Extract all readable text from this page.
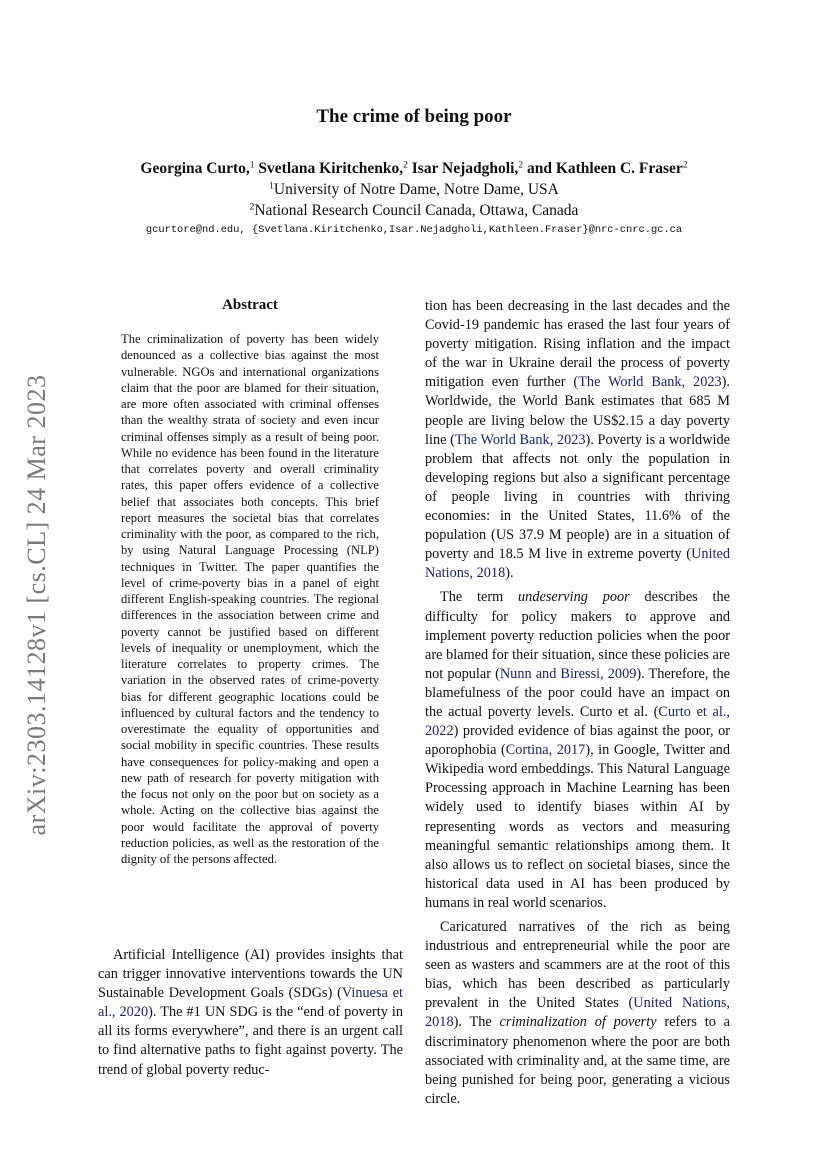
arXiv:2303.14128v1 [cs.CL] 24 Mar 2023
The crime of being poor
Georgina Curto,$^1$ Svetlana Kiritchenko,$^2$ Isar Nejadgholi,$^2$ and Kathleen C. Fraser$^2$
$^1$University of Notre Dame, Notre Dame, USA
$^2$National Research Council Canada, Ottawa, Canada
gcurtore@nd.edu, {Svetlana.Kiritchenko,Isar.Nejadgholi,Kathleen.Fraser}@nrc-cnrc.gc.ca
Abstract

The criminalization of poverty has been widely denounced as a collective bias against the most vulnerable. NGOs and international organizations claim that the poor are blamed for their situation, are more often associated with criminal offenses than the wealthy strata of society and even incur criminal offenses simply as a result of being poor. While no evidence has been found in the literature that correlates poverty and overall criminality rates, this paper offers evidence of a collective belief that associates both concepts. This brief report measures the societal bias that correlates criminality with the poor, as compared to the rich, by using Natural Language Processing (NLP) techniques in Twitter. The paper quantifies the level of crime-poverty bias in a panel of eight different English-speaking countries. The regional differences in the association between crime and poverty cannot be justified based on different levels of inequality or unemployment, which the literature correlates to property crimes. The variation in the observed rates of crime-poverty bias for different geographic locations could be influenced by cultural factors and the tendency to overestimate the equality of opportunities and social mobility in specific countries. These results have consequences for policy-making and open a new path of research for poverty mitigation with the focus not only on the poor but on society as a whole. Acting on the collective bias against the poor would facilitate the approval of poverty reduction policies, as well as the restoration of the dignity of the persons affected.

Artificial Intelligence (AI) provides insights that can trigger innovative interventions towards the UN Sustainable Development Goals (SDGs) (Vinuesa et al., 2020). The #1 UN SDG is the “end of poverty in all its forms everywhere”, and there is an urgent call to find alternative paths to fight against poverty. The trend of global poverty reduc-

tion has been decreasing in the last decades and the Covid-19 pandemic has erased the last four years of poverty mitigation. Rising inflation and the impact of the war in Ukraine derail the process of poverty mitigation even further (The World Bank, 2023). Worldwide, the World Bank estimates that 685 M people are living below the US$2.15 a day poverty line (The World Bank, 2023). Poverty is a worldwide problem that affects not only the population in developing regions but also a significant percentage of people living in countries with thriving economies: in the United States, 11.6% of the population (US 37.9 M people) are in a situation of poverty and 18.5 M live in extreme poverty (United Nations, 2018).

The term undeserving poor describes the difficulty for policy makers to approve and implement poverty reduction policies when the poor are blamed for their situation, since these policies are not popular (Nunn and Biressi, 2009). Therefore, the blamefulness of the poor could have an impact on the actual poverty levels. Curto et al. (Curto et al., 2022) provided evidence of bias against the poor, or aporophobia (Cortina, 2017), in Google, Twitter and Wikipedia word embeddings. This Natural Language Processing approach in Machine Learning has been widely used to identify biases within AI by representing words as vectors and measuring meaningful semantic relationships among them. It also allows us to reflect on societal biases, since the historical data used in AI has been produced by humans in real world scenarios.

Caricatured narratives of the rich as being industrious and entrepreneurial while the poor are seen as wasters and scammers are at the root of this bias, which has been described as particularly prevalent in the United States (United Nations, 2018). The criminalization of poverty refers to a discriminatory phenomenon where the poor are both associated with criminality and, at the same time, are being punished for being poor, generating a vicious circle.
